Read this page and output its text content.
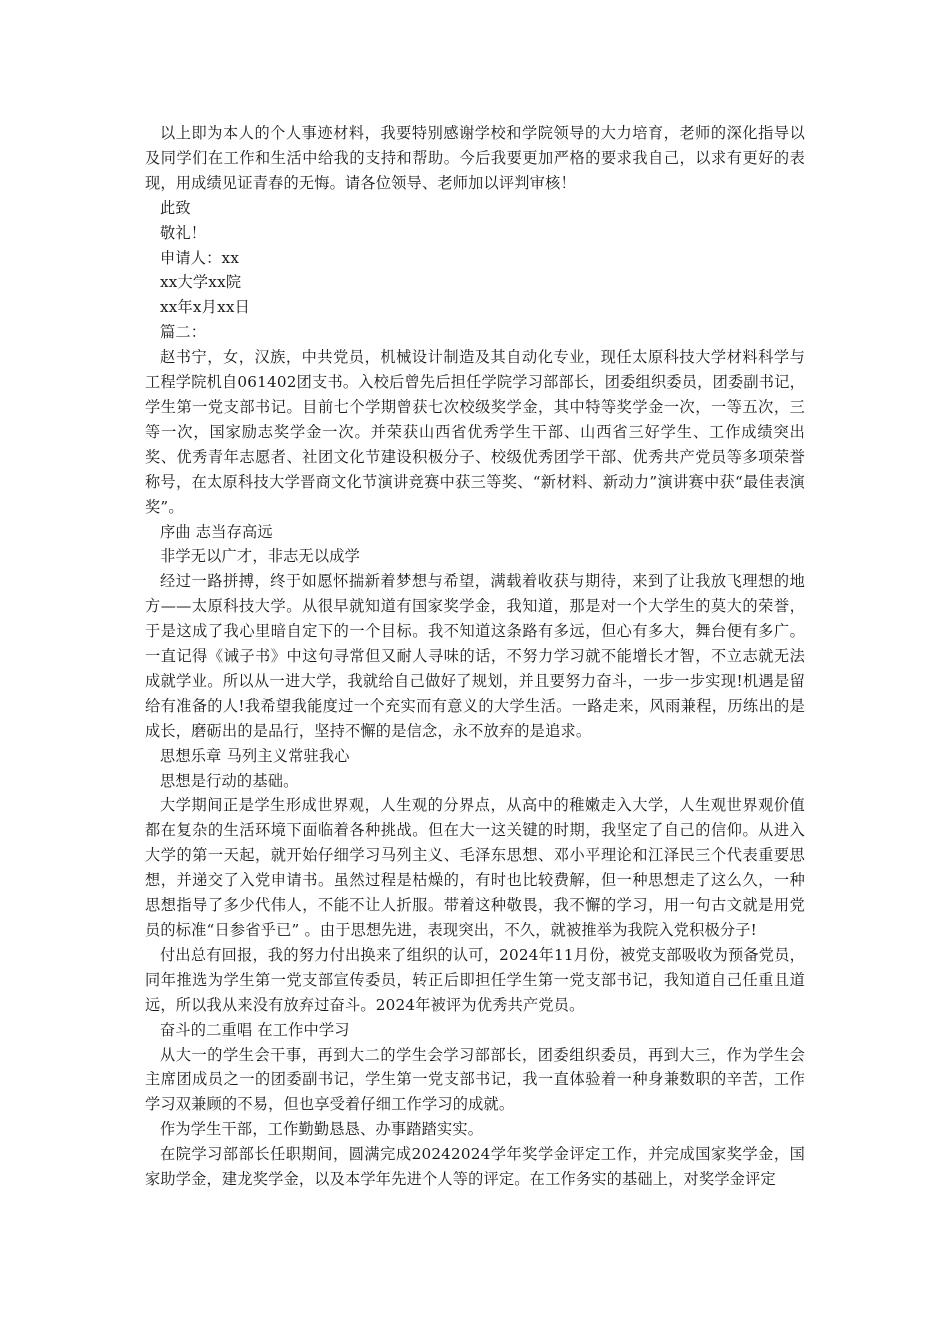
以上即为本人的个人事迹材料，我要特别感谢学校和学院领导的大力培育，老师的深化指导以及同学们在工作和生活中给我的支持和帮助。今后我要更加严格的要求我自己，以求有更好的表现，用成绩见证青春的无悔。请各位领导、老师加以评判审核！

此致

敬礼！

申请人：xx

xx大学xx院

xx年x月xx日

篇二：

赵书宁，女，汉族，中共党员，机械设计制造及其自动化专业，现任太原科技大学材料科学与工程学院机自061402团支书。入校后曾先后担任学院学习部部长，团委组织委员，团委副书记，学生第一党支部书记。目前七个学期曾获七次校级奖学金，其中特等奖学金一次，一等五次，三等一次，国家励志奖学金一次。并荣获山西省优秀学生干部、山西省三好学生、工作成绩突出奖、优秀青年志愿者、社团文化节建设积极分子、校级优秀团学干部、优秀共产党员等多项荣誉称号，在太原科技大学晋商文化节演讲竞赛中获三等奖、“新材料、新动力”演讲赛中获“最佳表演奖”。

序曲 志当存高远

非学无以广才，非志无以成学

经过一路拼搏，终于如愿怀揣新着梦想与希望，满载着收获与期待，来到了让我放飞理想的地方——太原科技大学。从很早就知道有国家奖学金，我知道，那是对一个大学生的莫大的荣誉，于是这成了我心里暗自定下的一个目标。我不知道这条路有多远，但心有多大，舞台便有多广。一直记得《诫子书》中这句寻常但又耐人寻味的话，不努力学习就不能增长才智，不立志就无法成就学业。所以从一进大学，我就给自己做好了规划，并且要努力奋斗，一步一步实现!机遇是留给有准备的人!我希望我能度过一个充实而有意义的大学生活。一路走来，风雨兼程，历练出的是成长，磨砺出的是品行，坚持不懈的是信念，永不放弃的是追求。

思想乐章 马列主义常驻我心

思想是行动的基础。

大学期间正是学生形成世界观，人生观的分界点，从高中的稚嫩走入大学，人生观世界观价值都在复杂的生活环境下面临着各种挑战。但在大一这关键的时期，我坚定了自己的信仰。从进入大学的第一天起，就开始仔细学习马列主义、毛泽东思想、邓小平理论和江泽民三个代表重要思想，并递交了入党申请书。虽然过程是枯燥的，有时也比较费解，但一种思想走了这么久，一种思想指导了多少代伟人，不能不让人折服。带着这种敬畏，我不懈的学习，用一句古文就是用党员的标准“日参省乎已” 。由于思想先进，表现突出，不久，就被推举为我院入党积极分子!

付出总有回报，我的努力付出换来了组织的认可，2024年11月份，被党支部吸收为预备党员，同年推选为学生第一党支部宣传委员，转正后即担任学生第一党支部书记，我知道自己任重且道远，所以我从来没有放弃过奋斗。2024年被评为优秀共产党员。

奋斗的二重唱 在工作中学习

从大一的学生会干事，再到大二的学生会学习部部长，团委组织委员，再到大三，作为学生会主席团成员之一的团委副书记，学生第一党支部书记，我一直体验着一种身兼数职的辛苦，工作学习双兼顾的不易，但也享受着仔细工作学习的成就。

作为学生干部，工作勤勤恳恳、办事踏踏实实。

在院学习部部长任职期间，圆满完成20242024学年奖学金评定工作，并完成国家奖学金，国家助学金，建龙奖学金，以及本学年先进个人等的评定。在工作务实的基础上，对奖学金评定
